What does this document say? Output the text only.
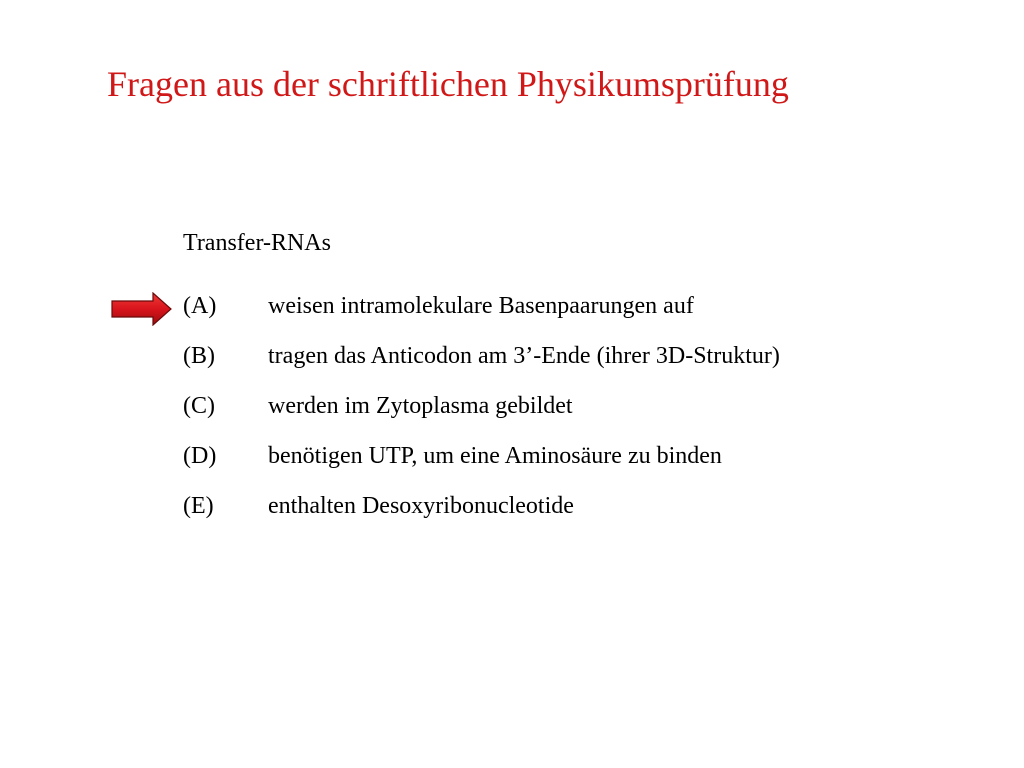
Fragen aus der schriftlichen Physikumsprüfung
Transfer-RNAs
(A) weisen intramolekulare Basenpaarungen auf
(B) tragen das Anticodon am 3’-Ende (ihrer 3D-Struktur)
(C) werden im Zytoplasma gebildet
(D) benötigen UTP, um eine Aminosäure zu binden
(E) enthalten Desoxyribonucleotide
